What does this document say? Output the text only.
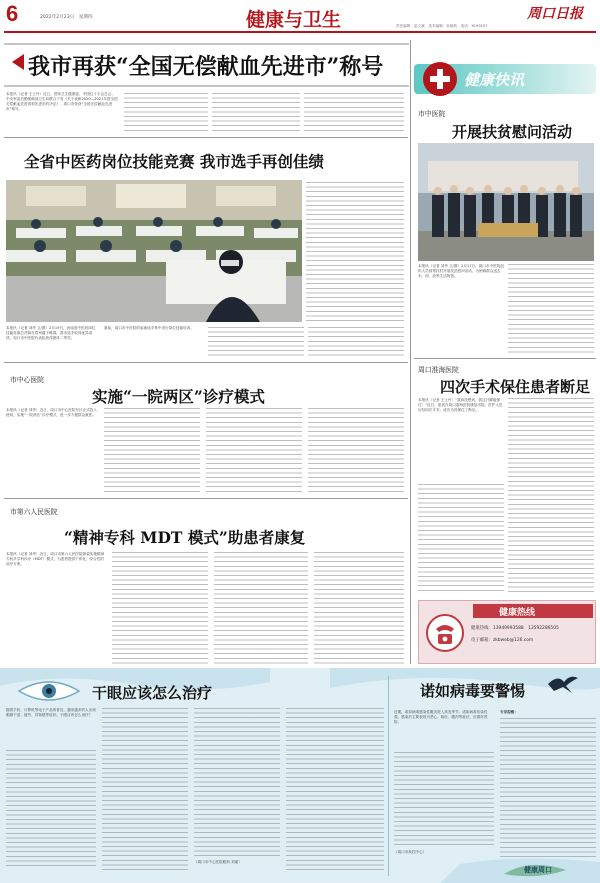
6	2022年2月23日　星期四	健康与卫生	责任编辑：赵文斌　美术编辑：孙晓秋　电话：6199107
周口日报
我市再获“全国无偿献血先进市”称号
本报讯（记者 王士丹）近日，国家卫生健康委、中国红十字会总会、中央军委后勤保障部卫生局联合下发《关于表彰2020—2021年度全国无偿献血先进省和先进市的决定》，周口市荣获“全国无偿献血先进市”称号。
全省中医药岗位技能竞赛 我市选手再创佳绩
本报讯（记者 刘华 文/图）2月19日，河南省中医药岗位技能竞赛总决赛在郑州落下帷幕，我市选手取得优异成绩，周口市中医院代表队获得团体二等奖。
赛前，周口市中医院的参赛选手集中进行岗位技能培训。
市中心医院
实施“一院两区”诊疗模式
本报讯（记者 刘华）近日，周口市中心医院东区正式投入使用，实施“一院两区”诊疗模式，进一步方便群众就医。
市第六人民医院
“精神专科 MDT 模式”助患者康复
本报讯（记者 刘华）近日，周口市第六人民医院探索实施精神专科多学科诊疗（MDT）模式，为患者提供个体化、综合性的治疗方案。
健康快讯
市中医院
开展扶贫慰问活动
本报讯（记者 刘华 文/图）2月17日，周口市中医院组织人员到帮扶村开展扶贫慰问活动，为困难群众送去米、面、油等生活物资。
周口淮海医院
四次手术保住患者断足
本报讯（记者 王士丹）“我真没想到，我这只脚能保住！”近日，患者在周口淮海医院康复出院。医护人员历经四次手术，成功为其保住了断足。
健康热线
健康热线：13949993588　13592286505
电子邮箱：zkbweb@126.com
干眼应该怎么治疗
随着手机、计算机等电子产品的普及，越来越多的人出现眼睛干涩、疲劳、异物感等症状。干眼应该怎么治疗？
（周口市中心医院眼科 刘丽）
诺如病毒要警惕
近期，诺如病毒感染性腹泻进入高发季节。诺如病毒传染性强，感染后主要表现为恶心、呕吐、腹泻等症状，应做好预防。
专家提醒：
（周口市疾控中心）
健康周口
